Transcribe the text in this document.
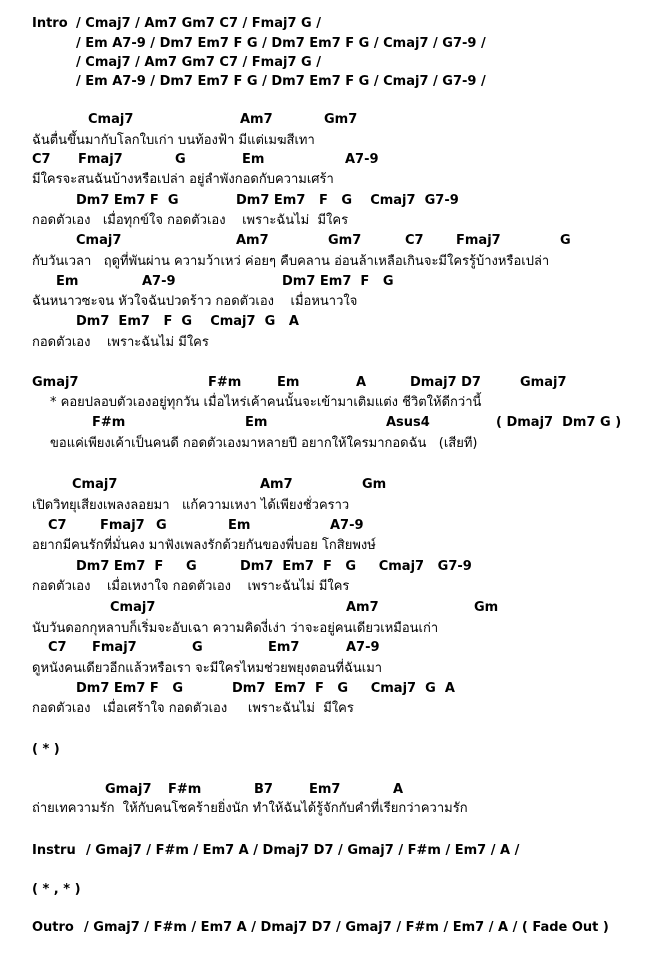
Intro / Cmaj7 / Am7 Gm7 C7 / Fmaj7 G /
/ Em A7-9 / Dm7 Em7 F G / Dm7 Em7 F G / Cmaj7 / G7-9 /
/ Cmaj7 / Am7 Gm7 C7 / Fmaj7 G /
/ Em A7-9 / Dm7 Em7 F G / Dm7 Em7 F G / Cmaj7 / G7-9 /
Cmaj7	Am7	Gm7
ฉันตื่นขึ้นมากับโลกใบเก่า บนท้องฟ้า มีแต่เมฆสีเทา
C7 Fmaj7	G	Em	A7-9
มีใครจะสนฉันบ้างหรือเปล่า อยู่ลำพังกอดกับความเศร้า
Dm7 Em7 F  G	Dm7 Em7   F   G    Cmaj7  G7-9
กอดตัวเอง   เมื่อทุกข์ใจ กอดตัวเอง    เพราะฉันไม่  มีใคร
Cmaj7	Am7	Gm7	C7 Fmaj7	G
กับวันเวลา   ฤดูที่พันผ่าน ความว้าเหว่ ค่อยๆ คืบคลาน อ่อนล้าเหลือเกินจะมีใครรู้บ้างหรือเปล่า
Em	A7-9	Dm7 Em7  F   G
ฉันหนาวซะจน หัวใจฉันปวดร้าว กอดตัวเอง    เมื่อหนาวใจ
Dm7  Em7   F  G    Cmaj7  G   A
กอดตัวเอง    เพราะฉันไม่ มีใคร
Gmaj7	F#m	Em	A	Dmaj7 D7	Gmaj7
* คอยปลอบตัวเองอยู่ทุกวัน เมื่อไหร่เค้าคนนั้นจะเข้ามาเติมแต่ง ชีวิตให้ดีกว่านี้
F#m	Em	Asus4	( Dmaj7  Dm7 G )
ขอแค่เพียงเค้าเป็นคนดี กอดตัวเองมาหลายปี อยากให้ใครมากอดฉัน   (เสียที)
Cmaj7	Am7	Gm
เปิดวิทยุเสียงเพลงลอยมา   แก้ความเหงา ได้เพียงชั่วคราว
C7	Fmaj7 G	Em	A7-9
อยากมีคนรักที่มั่นคง มาฟังเพลงรักด้วยกันของพี่บอย โกสิยพงษ์
Dm7 Em7  F     G	Dm7  Em7  F   G     Cmaj7   G7-9
กอดตัวเอง    เมื่อเหงาใจ กอดตัวเอง    เพราะฉันไม่ มีใคร
Cmaj7	Am7	Gm
นับวันดอกกุหลาบก็เริ่มจะอับเฉา ความคิดงี่เง่า ว่าจะอยู่คนเดียวเหมือนเก่า
C7 Fmaj7	G	Em7	A7-9
ดูหนังคนเดียวอีกแล้วหรือเรา จะมีใครไหมช่วยพยุงตอนที่ฉันเมา
Dm7 Em7 F   G	Dm7  Em7  F   G     Cmaj7  G  A
กอดตัวเอง   เมื่อเศร้าใจ กอดตัวเอง     เพราะฉันไม่  มีใคร
( * )
Gmaj7 F#m	B7	Em7	A
ถ่ายเทความรัก  ให้กับคนโชคร้ายยิ่งนัก ทำให้ฉันได้รู้จักกับคำที่เรียกว่าความรัก
Instru / Gmaj7 / F#m / Em7 A / Dmaj7 D7 / Gmaj7 / F#m / Em7 / A /
( * , * )
Outro / Gmaj7 / F#m / Em7 A / Dmaj7 D7 / Gmaj7 / F#m / Em7 / A / ( Fade Out )
